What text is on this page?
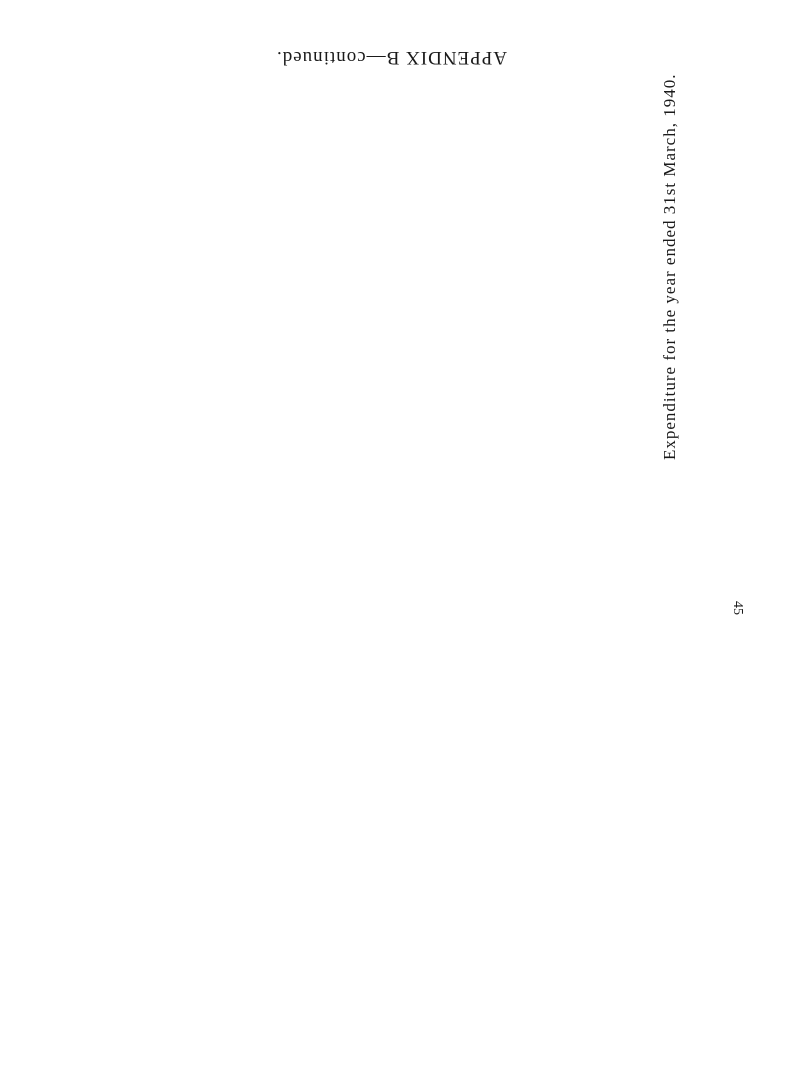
APPENDIX B—continued.
45
Expenditure for the year ended 31st March, 1940.
